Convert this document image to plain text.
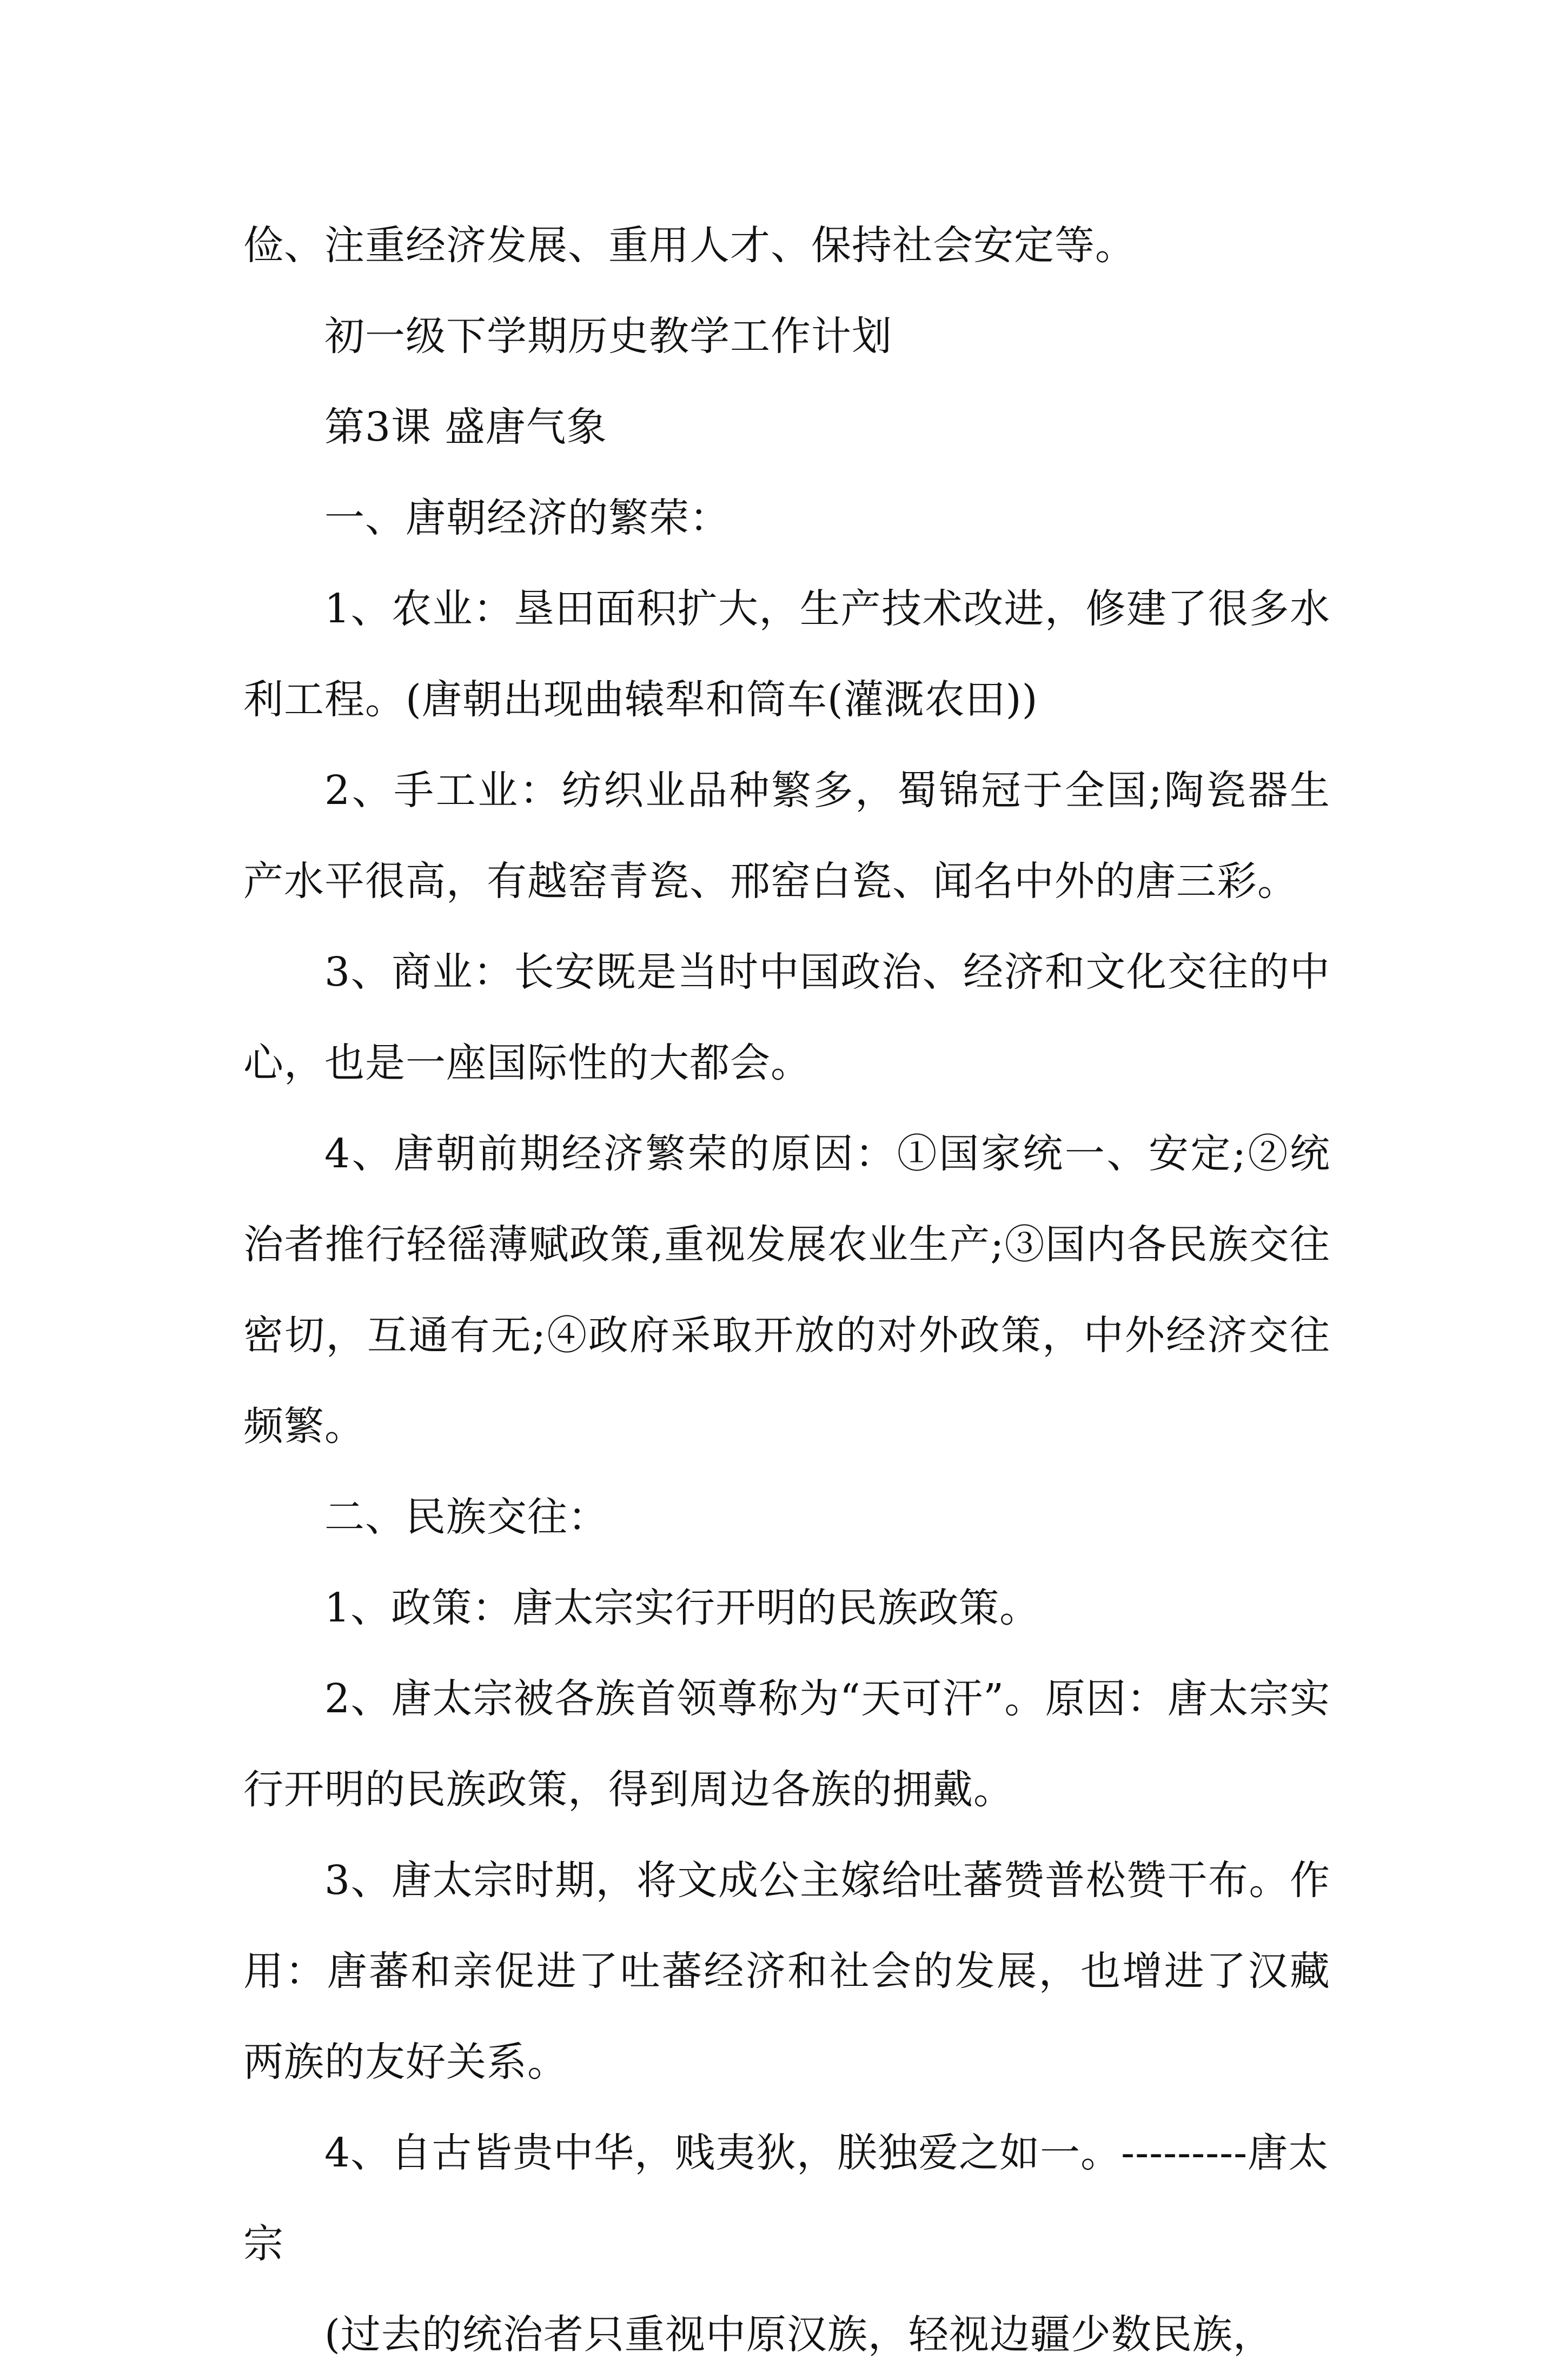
俭、注重经济发展、重用人才、保持社会安定等。

初一级下学期历史教学工作计划

第3课 盛唐气象

一、唐朝经济的繁荣：

1、农业：垦田面积扩大，生产技术改进，修建了很多水利工程。(唐朝出现曲辕犁和筒车(灌溉农田))

2、手工业：纺织业品种繁多，蜀锦冠于全国;陶瓷器生产水平很高，有越窑青瓷、邢窑白瓷、闻名中外的唐三彩。

3、商业：长安既是当时中国政治、经济和文化交往的中心，也是一座国际性的大都会。

4、唐朝前期经济繁荣的原因：①国家统一、安定;②统治者推行轻徭薄赋政策,重视发展农业生产;③国内各民族交往密切，互通有无;④政府采取开放的对外政策，中外经济交往频繁。

二、民族交往：

1、政策：唐太宗实行开明的民族政策。

2、唐太宗被各族首领尊称为“天可汗”。原因：唐太宗实行开明的民族政策，得到周边各族的拥戴。

3、唐太宗时期，将文成公主嫁给吐蕃赞普松赞干布。作用：唐蕃和亲促进了吐蕃经济和社会的发展，也增进了汉藏两族的友好关系。

4、自古皆贵中华，贱夷狄，朕独爱之如一。---------唐太宗

(过去的统治者只重视中原汉族，轻视边疆少数民族，
